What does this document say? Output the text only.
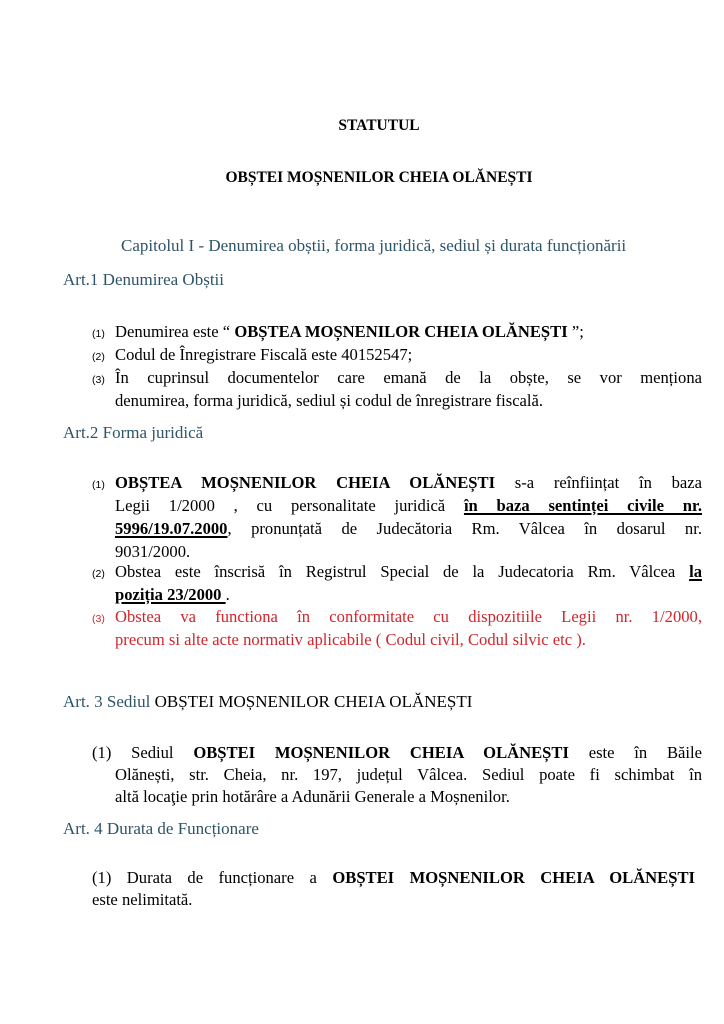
STATUTUL
OBȘTEI MOȘNENILOR CHEIA OLĂNEȘTI
Capitolul I - Denumirea obștii, forma juridică, sediul și durata funcționării
Art.1 Denumirea Obștii
(1) Denumirea este “ OBȘTEA MOȘNENILOR CHEIA OLĂNEȘTI ”;
(2) Codul de Înregistrare Fiscală este 40152547;
(3) În cuprinsul documentelor care emană de la obște, se vor menționa
denumirea, forma juridică, sediul și codul de înregistrare fiscală.
Art.2 Forma juridică
(1) OBȘTEA MOȘNENILOR CHEIA OLĂNEȘTI s-a reînființat în baza
Legii 1/2000 , cu personalitate juridică în baza sentinței civile nr.
5996/19.07.2000, pronunțată de Judecătoria Rm. Vâlcea în dosarul nr.
9031/2000.
(2) Obstea este înscrisă în Registrul Special de la Judecatoria Rm. Vâlcea la
poziția 23/2000 .
(3) Obstea va functiona în conformitate cu dispozitiile Legii nr. 1/2000,
precum si alte acte normativ aplicabile ( Codul civil, Codul silvic etc ).
Art. 3 Sediul OBȘTEI MOȘNENILOR CHEIA OLĂNEȘTI
(1) Sediul OBȘTEI MOȘNENILOR CHEIA OLĂNEȘTI este în Băile
Olănești, str. Cheia, nr. 197, județul Vâlcea. Sediul poate fi schimbat în
altă locaţie prin hotărâre a Adunării Generale a Moșnenilor.
Art. 4 Durata de Funcționare
(1) Durata de funcționare a OBȘTEI MOȘNENILOR CHEIA OLĂNEȘTI
este nelimitată.
